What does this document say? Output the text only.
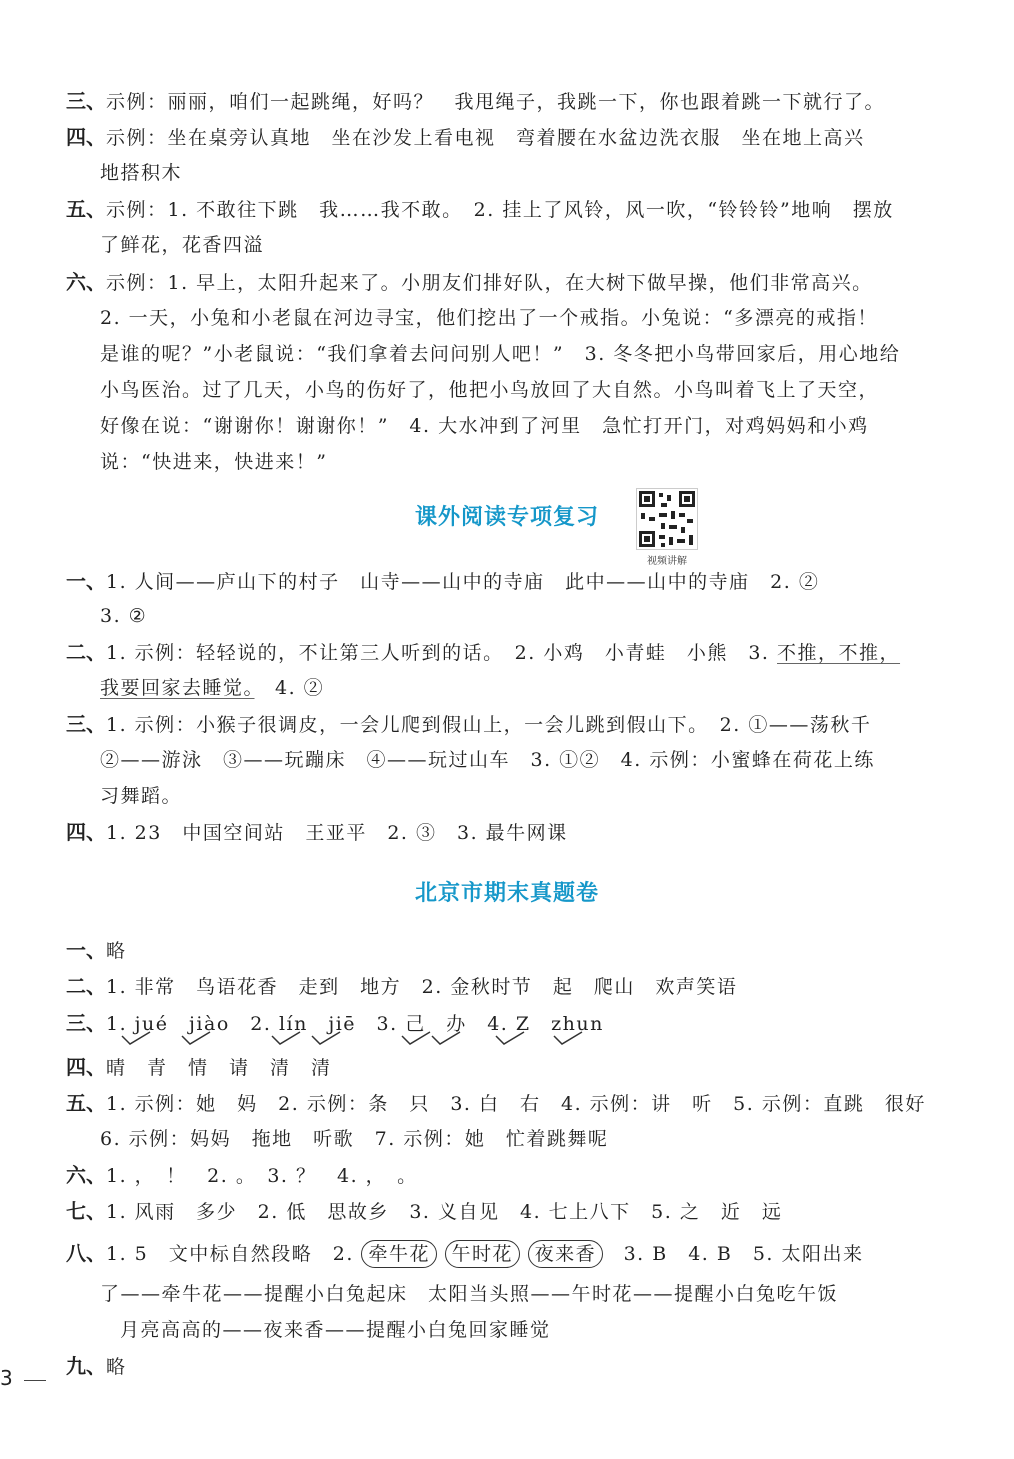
三、示例：丽丽，咱们一起跳绳，好吗？　我甩绳子，我跳一下，你也跟着跳一下就行了。
四、示例：坐在桌旁认真地　坐在沙发上看电视　弯着腰在水盆边洗衣服　坐在地上高兴
地搭积木
五、示例：1. 不敢往下跳　我……我不敢。　2. 挂上了风铃，风一吹，“铃铃铃”地响　摆放
了鲜花，花香四溢
六、示例：1. 早上，太阳升起来了。小朋友们排好队，在大树下做早操，他们非常高兴。
2. 一天，小兔和小老鼠在河边寻宝，他们挖出了一个戒指。小兔说：“多漂亮的戒指！
是谁的呢？”小老鼠说：“我们拿着去问问别人吧！”　3. 冬冬把小鸟带回家后，用心地给
小鸟医治。过了几天，小鸟的伤好了，他把小鸟放回了大自然。小鸟叫着飞上了天空，
好像在说：“谢谢你！谢谢你！”　4. 大水冲到了河里　急忙打开门，对鸡妈妈和小鸡
说：“快进来，快进来！”
课外阅读专项复习
视频讲解
一、1. 人间——庐山下的村子　山寺——山中的寺庙　此中——山中的寺庙　2. ②
3. ②
二、1. 示例：轻轻说的，不让第三人听到的话。　2. 小鸡　小青蛙　小熊　3. 不推，不推，
我要回家去睡觉。　4. ②
三、1. 示例：小猴子很调皮，一会儿爬到假山上，一会儿跳到假山下。　2. ①——荡秋千
②——游泳　③——玩蹦床　④——玩过山车　3. ①②　4. 示例：小蜜蜂在荷花上练
习舞蹈。
四、1. 23　中国空间站　王亚平　2. ③　3. 最牛网课
北京市期末真题卷
一、略
二、1. 非常　鸟语花香　走到　地方　2. 金秋时节　起　爬山　欢声笑语
三、1. jué　jiào　2. lín　jiē　3. 己　办　4. Z　zhun
四、晴　青　情　请　清　清
五、1. 示例：她　妈　2. 示例：条　只　3. 白　右　4. 示例：讲　听　5. 示例：直跳　很好
6. 示例：妈妈　拖地　听歌　7. 示例：她　忙着跳舞呢
六、1. ，　！　2. 。　3. ？　4. ，　。
七、1. 风雨　多少　2. 低　思故乡　3. 义自见　4. 七上八下　5. 之　近　远
八、1. 5　文中标自然段略　2. 牵牛花 午时花 夜来香　3. B　4. B　5. 太阳出来
了——牵牛花——提醒小白兔起床　太阳当头照——午时花——提醒小白兔吃午饭
月亮高高的——夜来香——提醒小白兔回家睡觉
九、略
3
